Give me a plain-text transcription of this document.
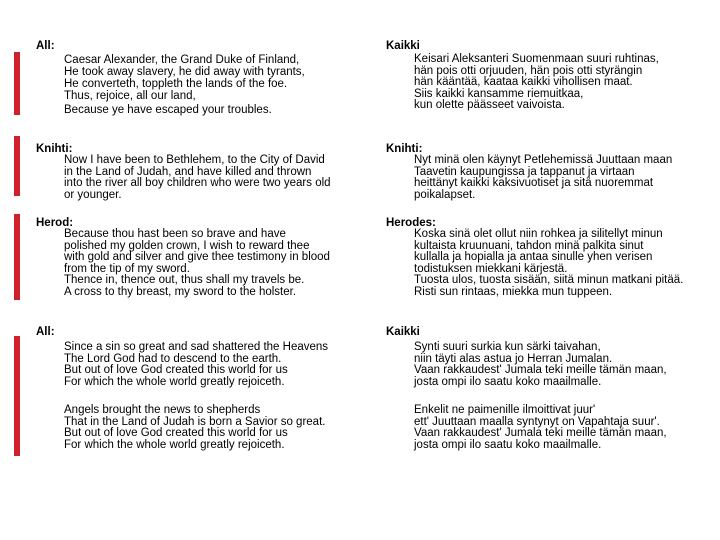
All:
Caesar Alexander, the Grand Duke of Finland,
He took away slavery, he did away with tyrants,
He converteth, toppleth the lands of the foe.
Thus, rejoice, all our land,
Because ye have escaped your troubles.
Knihti:
Now I have been to Bethlehem, to the City of David
in the Land of Judah, and have killed and thrown
into the river all boy children who were two years old
or younger.
Herod:
Because thou hast been so brave and have
polished my golden crown, I wish to reward thee
with gold and silver and give thee testimony in blood
from the tip of my sword.
Thence in, thence out, thus shall my travels be.
A cross to thy breast, my sword to the holster.
All:
Since a sin so great and sad shattered the Heavens
The Lord God had to descend to the earth.
But out of love God created this world for us
For which the whole world greatly rejoiceth.
Angels brought the news to shepherds
That in the Land of Judah is born a Savior so great.
But out of love God created this world for us
For which the whole world greatly rejoiceth.
Kaikki
Keisari Aleksanteri Suomenmaan suuri ruhtinas,
hän pois otti orjuuden, hän pois otti styrängin
hän kääntää, kaataa kaikki vihollisen maat.
Siis kaikki kansamme riemuitkaa,
kun olette päässeet vaivoista.
Knihti:
Nyt minä olen käynyt Petlehemissä Juuttaan maan
Taavetin kaupungissa ja tappanut ja virtaan
heittänyt kaikki kaksivuotiset ja sitä nuoremmat
poikalapset.
Herodes:
Koska sinä olet ollut niin rohkea ja silitellyt minun
kultaista kruunuani, tahdon minä palkita sinut
kullalla ja hopialla ja antaa sinulle yhen verisen
todistuksen miekkani kärjestä.
Tuosta ulos, tuosta sisään, siitä minun matkani pitää.
Risti sun rintaas, miekka mun tuppeen.
Kaikki
Synti suuri surkia kun särki taivahan,
niin täyti alas astua jo Herran Jumalan.
Vaan rakkaudest' Jumala teki meille tämän maan,
josta ompi ilo saatu koko maailmalle.
Enkelit ne paimenille ilmoittivat juur'
ett' Juuttaan maalla syntynyt on Vapahtaja suur'.
Vaan rakkaudest' Jumala teki meille tämän maan,
josta ompi ilo saatu koko maailmalle.
